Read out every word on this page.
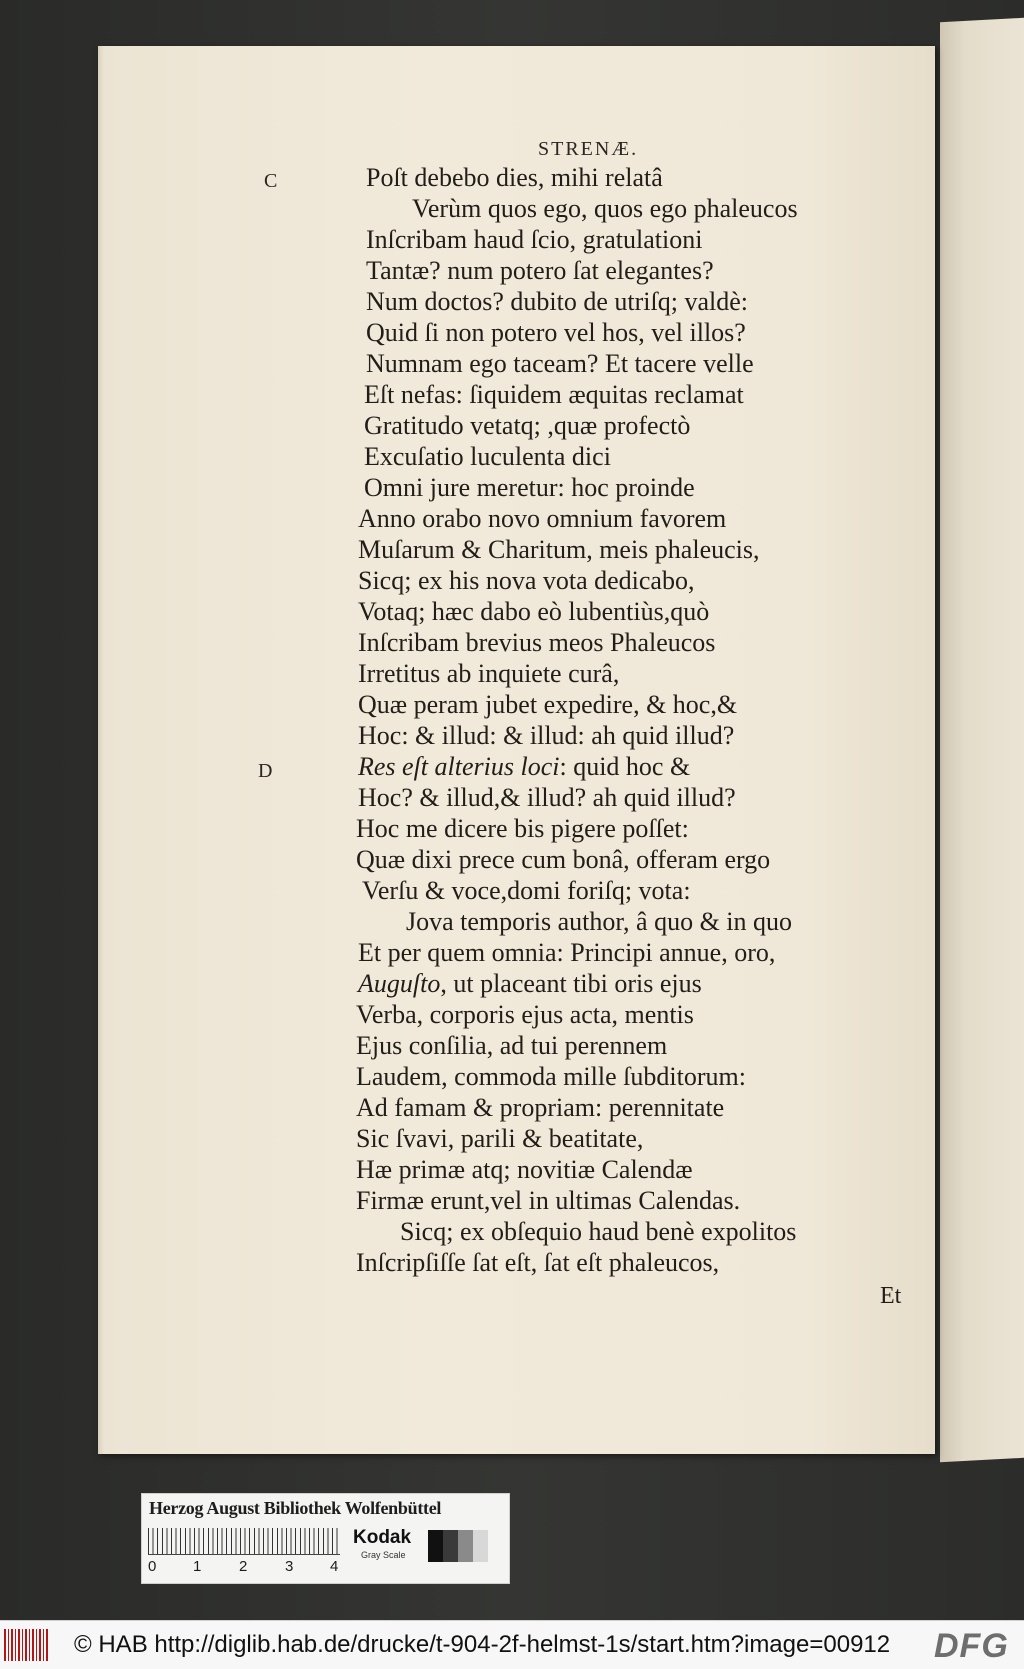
STRENÆ.
C
D
Poſt debebo dies, mihi relatâ
Verùm quos ego, quos ego phaleucos
Inſcribam haud ſcio, gratulationi
Tantæ? num potero ſat elegantes?
Num doctos? dubito de utriſq; valdè:
Quid ſi non potero vel hos, vel illos?
Numnam ego taceam? Et tacere velle
Eſt nefas: ſiquidem æquitas reclamat
Gratitudo vetatq; ,quæ profectò
Excuſatio luculenta dici
Omni jure meretur: hoc proinde
Anno orabo novo omnium favorem
Muſarum & Charitum, meis phaleucis,
Sicq; ex his nova vota dedicabo,
Votaq; hæc dabo eò lubentiùs,quò
Inſcribam brevius meos Phaleucos
Irretitus ab inquiete curâ,
Quæ peram jubet expedire, & hoc,&
Hoc: & illud: & illud: ah quid illud?
Res eſt alterius loci: quid hoc &
Hoc? & illud,& illud? ah quid illud?
Hoc me dicere bis pigere poſſet:
Quæ dixi prece cum bonâ, offeram ergo
Verſu & voce,domi foriſq; vota:
Jova temporis author, â quo & in quo
Et per quem omnia: Principi annue, oro,
Auguſto, ut placeant tibi oris ejus
Verba, corporis ejus acta, mentis
Ejus conſilia, ad tui perennem
Laudem, commoda mille ſubditorum:
Ad famam & propriam: perennitate
Sic ſvavi, parili & beatitate,
Hæ primæ atq; novitiæ Calendæ
Firmæ erunt,vel in ultimas Calendas.
Sicq; ex obſequio haud benè expolitos
Inſcripſiſſe ſat eſt, ſat eſt phaleucos,
Et
Herzog August Bibliothek Wolfenbüttel
0 1	2	3 4
Kodak
Gray Scale
© HAB http://diglib.hab.de/drucke/t-904-2f-helmst-1s/start.htm?image=00912 DFG
